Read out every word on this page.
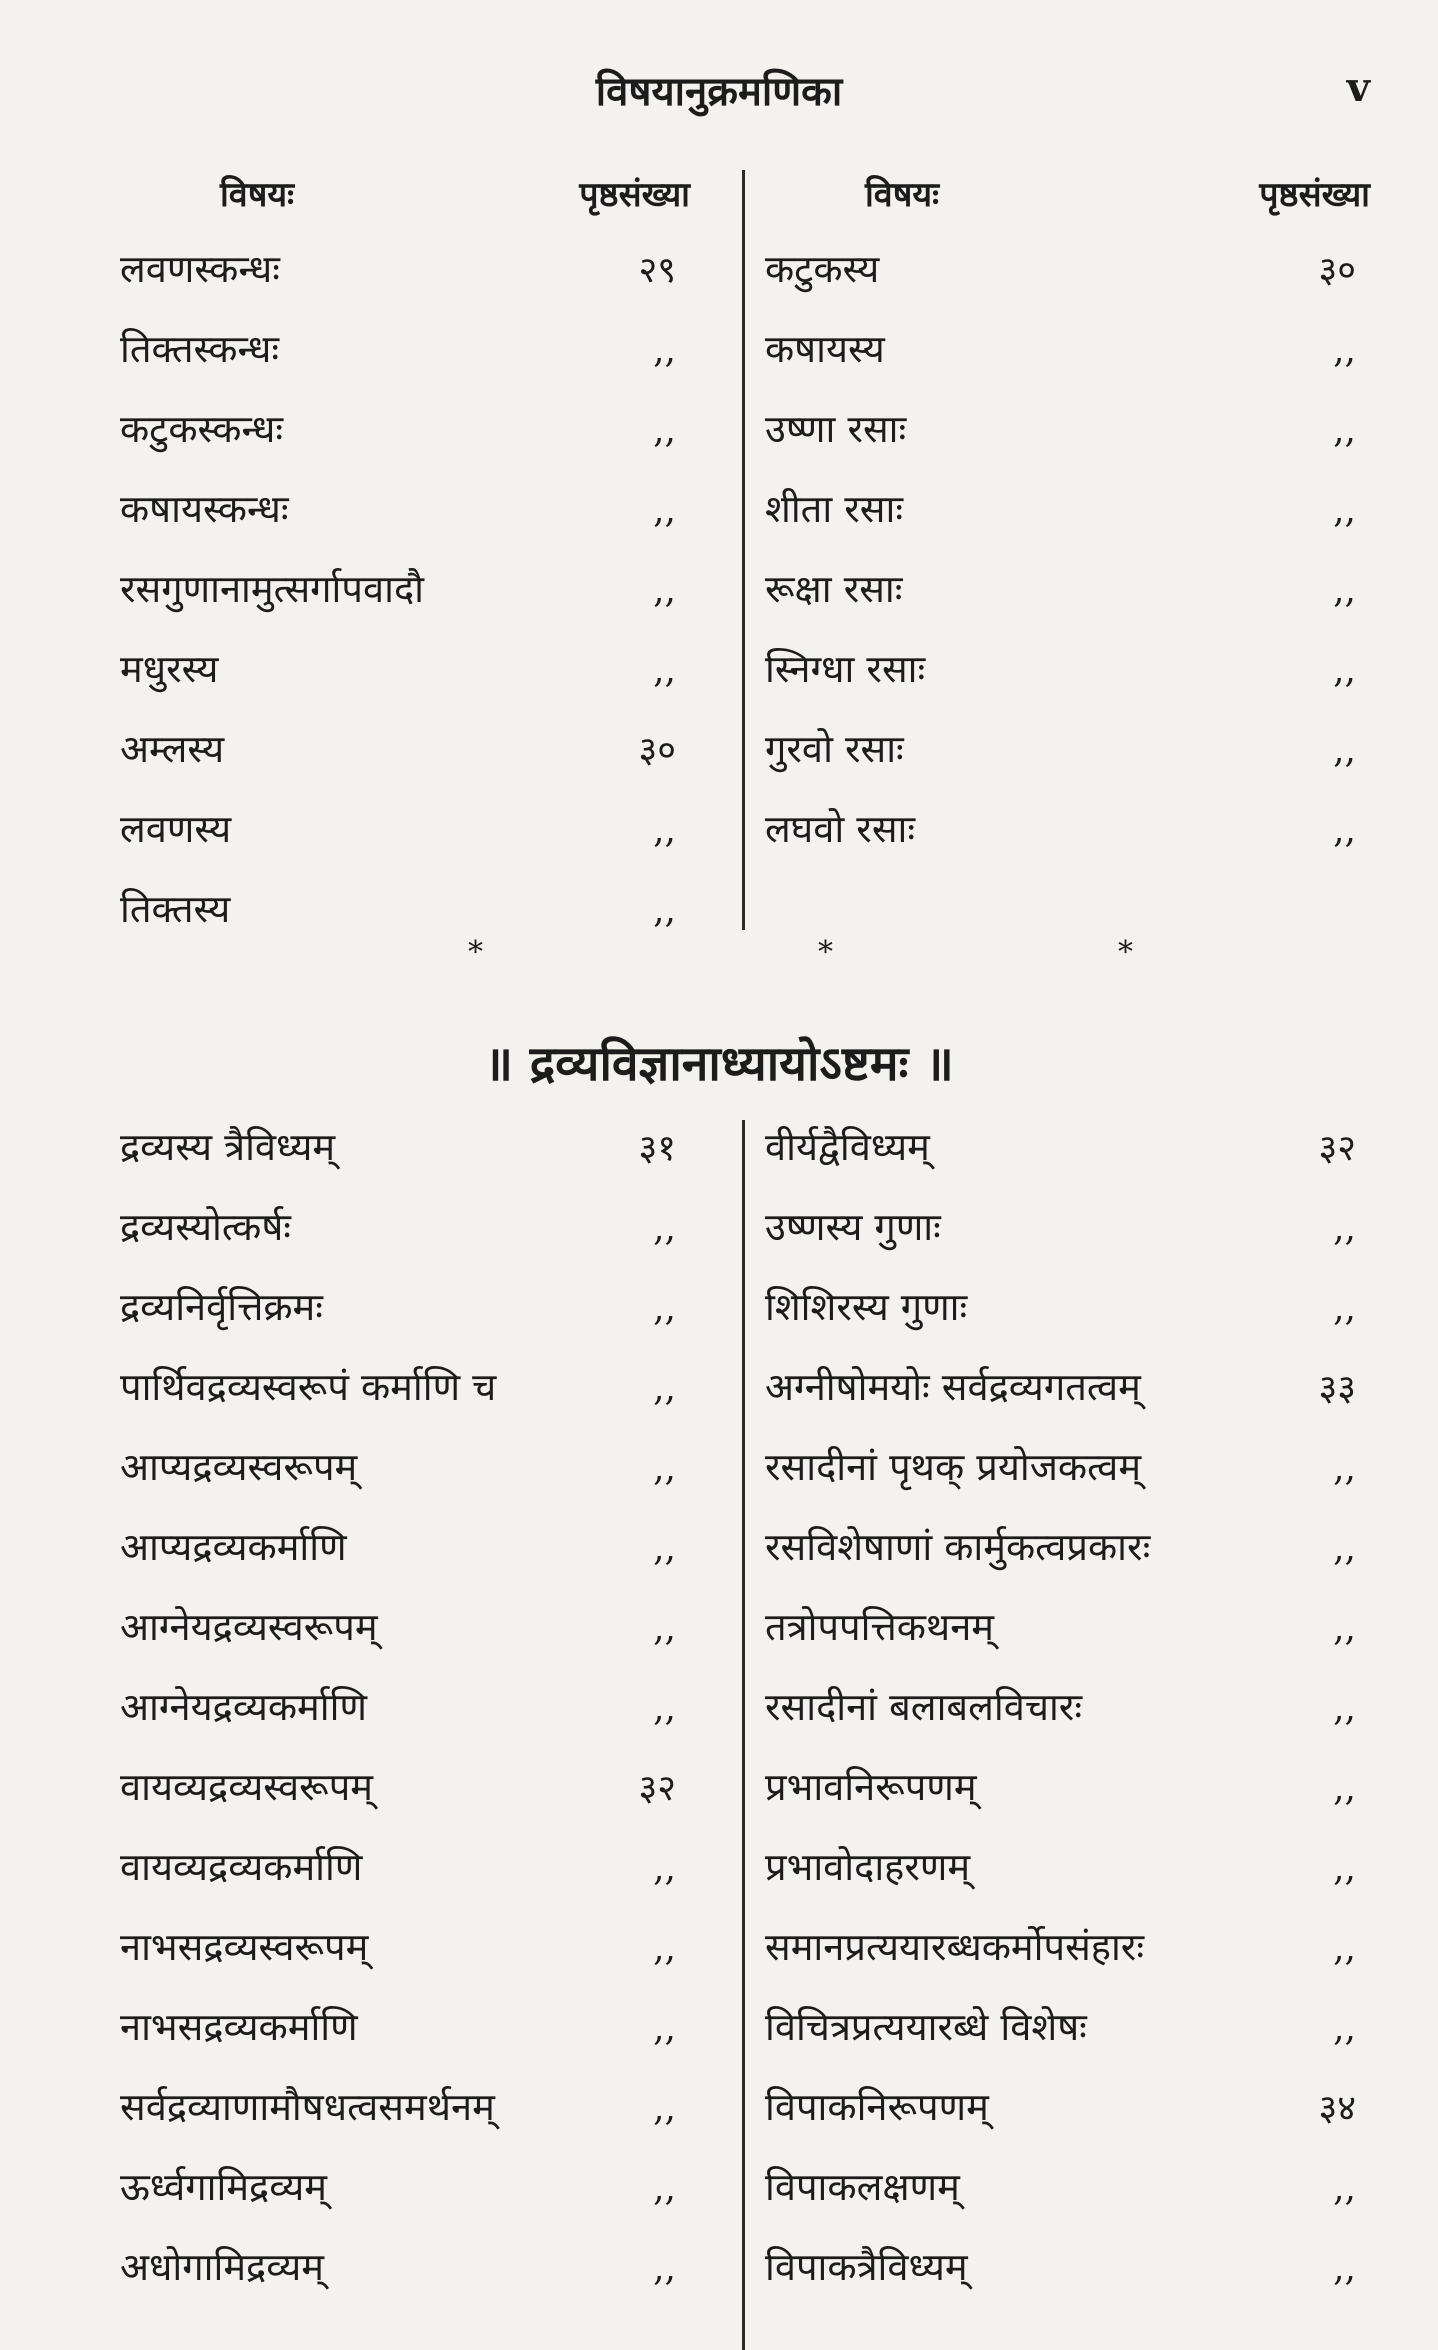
विषयानुक्रमणिका	v
विषयः	पृष्ठसंख्या
लवणस्कन्धः	२९
तिक्तस्कन्धः	,,
कटुकस्कन्धः	,,
कषायस्कन्धः	,,
रसगुणानामुत्सर्गापवादौ	,,
मधुरस्य	,,
अम्लस्य	३०
लवणस्य	,,
तिक्तस्य	,,
विषयः	पृष्ठसंख्या
कटुकस्य	३०
कषायस्य	,,
उष्णा रसाः	,,
शीता रसाः	,,
रूक्षा रसाः	,,
स्निग्धा रसाः	,,
गुरवो रसाः	,,
लघवो रसाः	,,
*	*	*
॥ द्रव्यविज्ञानाध्यायोऽष्टमः ॥
द्रव्यस्य त्रैविध्यम्	३१
द्रव्यस्योत्कर्षः	,,
द्रव्यनिर्वृत्तिक्रमः	,,
पार्थिवद्रव्यस्वरूपं कर्माणि च	,,
आप्यद्रव्यस्वरूपम्	,,
आप्यद्रव्यकर्माणि	,,
आग्नेयद्रव्यस्वरूपम्	,,
आग्नेयद्रव्यकर्माणि	,,
वायव्यद्रव्यस्वरूपम्	३२
वायव्यद्रव्यकर्माणि	,,
नाभसद्रव्यस्वरूपम्	,,
नाभसद्रव्यकर्माणि	,,
सर्वद्रव्याणामौषधत्वसमर्थनम्	,,
ऊर्ध्वगामिद्रव्यम्	,,
अधोगामिद्रव्यम्	,,
वीर्यद्वैविध्यम्	३२
उष्णस्य गुणाः	,,
शिशिरस्य गुणाः	,,
अग्नीषोमयोः सर्वद्रव्यगतत्वम्	३३
रसादीनां पृथक् प्रयोजकत्वम्	,,
रसविशेषाणां कार्मुकत्वप्रकारः	,,
तत्रोपपत्तिकथनम्	,,
रसादीनां बलाबलविचारः	,,
प्रभावनिरूपणम्	,,
प्रभावोदाहरणम्	,,
समानप्रत्ययारब्धकर्मोपसंहारः	,,
विचित्रप्रत्ययारब्धे विशेषः	,,
विपाकनिरूपणम्	३४
विपाकलक्षणम्	,,
विपाकत्रैविध्यम्	,,
